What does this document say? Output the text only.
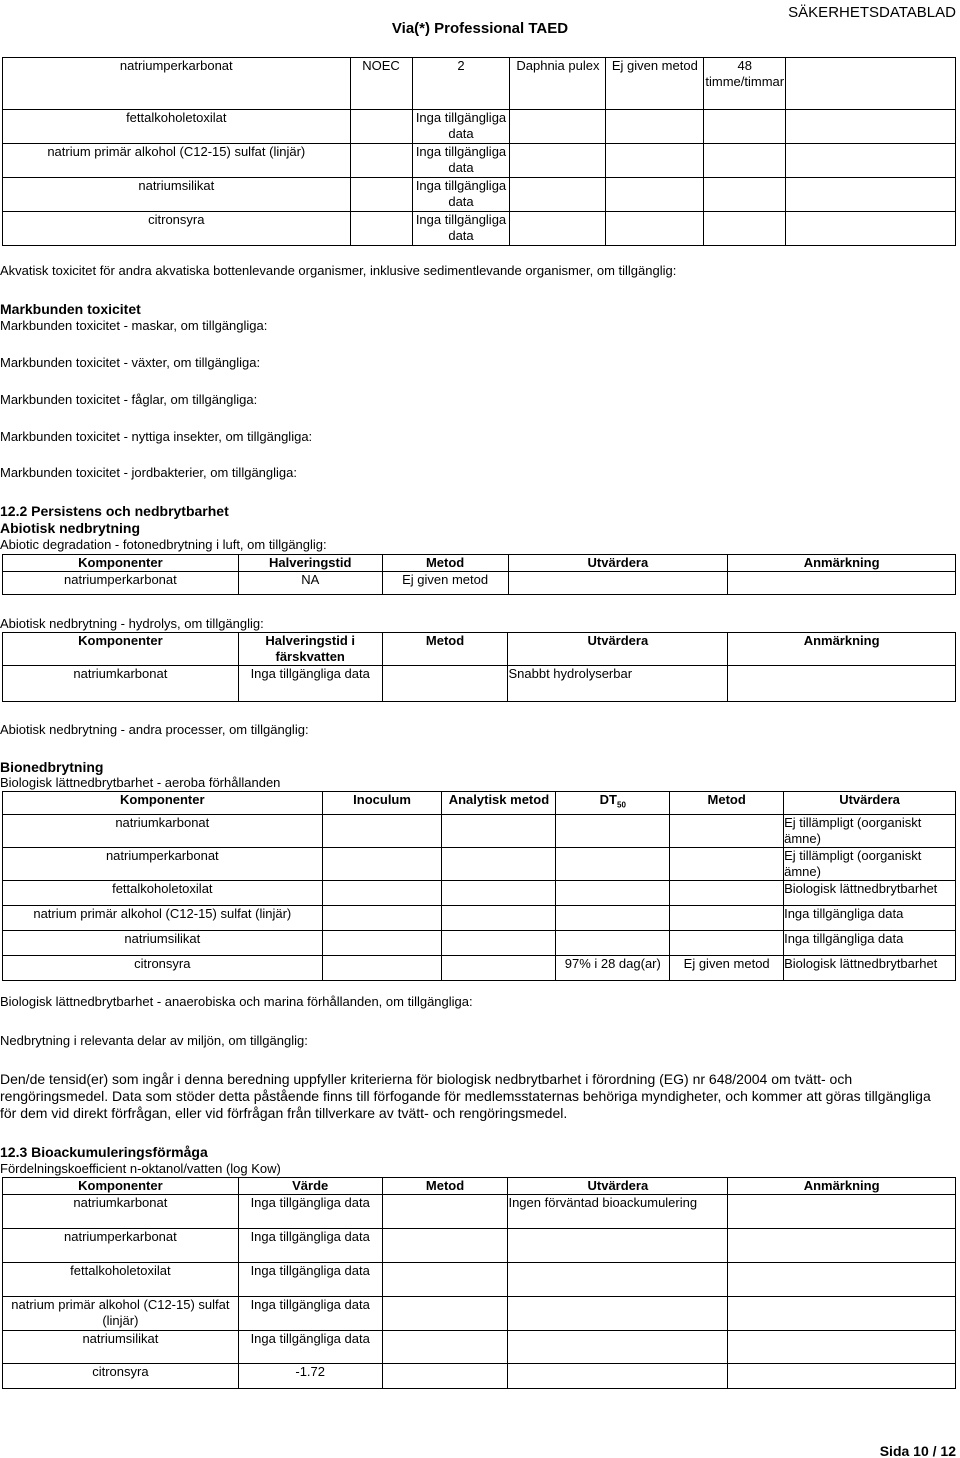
SÄKERHETSDATABLAD
Via(*) Professional TAED
natriumperkarbonat	NOEC	2	Daphnia pulex	Ej given metod	48 timme/timmar	
fettalkoholetoxilat		Inga tillgängliga data				
natrium primär alkohol (C12-15) sulfat (linjär)		Inga tillgängliga data				
natriumsilikat		Inga tillgängliga data				
citronsyra		Inga tillgängliga data				
Akvatisk toxicitet för andra akvatiska bottenlevande organismer, inklusive sedimentlevande organismer, om tillgänglig:
Markbunden toxicitet
Markbunden toxicitet - maskar, om tillgängliga:
Markbunden toxicitet - växter, om tillgängliga:
Markbunden toxicitet - fåglar, om tillgängliga:
Markbunden toxicitet - nyttiga insekter, om tillgängliga:
Markbunden toxicitet - jordbakterier, om tillgängliga:
12.2 Persistens och nedbrytbarhet
Abiotisk nedbrytning
Abiotic degradation - fotonedbrytning i luft, om tillgänglig:
Komponenter	Halveringstid	Metod	Utvärdera	Anmärkning
natriumperkarbonat	NA	Ej given metod		
Abiotisk nedbrytning - hydrolys, om tillgänglig:
Komponenter	Halveringstid i färskvatten	Metod	Utvärdera	Anmärkning
natriumkarbonat	Inga tillgängliga data		Snabbt hydrolyserbar	
Abiotisk nedbrytning - andra processer, om tillgänglig:
Bionedbrytning
Biologisk lättnedbrytbarhet - aeroba förhållanden
Komponenter	Inoculum	Analytisk metod	$DT_{50}$	Metod	Utvärdera
natriumkarbonat					Ej tillämpligt (oorganiskt ämne)
natriumperkarbonat					Ej tillämpligt (oorganiskt ämne)
fettalkoholetoxilat					Biologisk lättnedbrytbarhet
natrium primär alkohol (C12-15) sulfat (linjär)					Inga tillgängliga data
natriumsilikat					Inga tillgängliga data
citronsyra			97% i 28 dag(ar)	Ej given metod	Biologisk lättnedbrytbarhet
Biologisk lättnedbrytbarhet - anaerobiska och marina förhållanden, om tillgängliga:
Nedbrytning i relevanta delar av miljön, om tillgänglig:
Den/de tensid(er) som ingår i denna beredning uppfyller kriterierna för biologisk nedbrytbarhet i förordning (EG) nr 648/2004 om tvätt- och rengöringsmedel. Data som stöder detta påstående finns till förfogande för medlemsstaternas behöriga myndigheter, och kommer att göras tillgängliga för dem vid direkt förfrågan, eller vid förfrågan från tillverkare av tvätt- och rengöringsmedel.
12.3 Bioackumuleringsförmåga
Fördelningskoefficient n-oktanol/vatten (log Kow)
Komponenter	Värde	Metod	Utvärdera	Anmärkning
natriumkarbonat	Inga tillgängliga data		Ingen förväntad bioackumulering	
natriumperkarbonat	Inga tillgängliga data			
fettalkoholetoxilat	Inga tillgängliga data			
natrium primär alkohol (C12-15) sulfat (linjär)	Inga tillgängliga data			
natriumsilikat	Inga tillgängliga data			
citronsyra	-1.72			
Sida 10 / 12
